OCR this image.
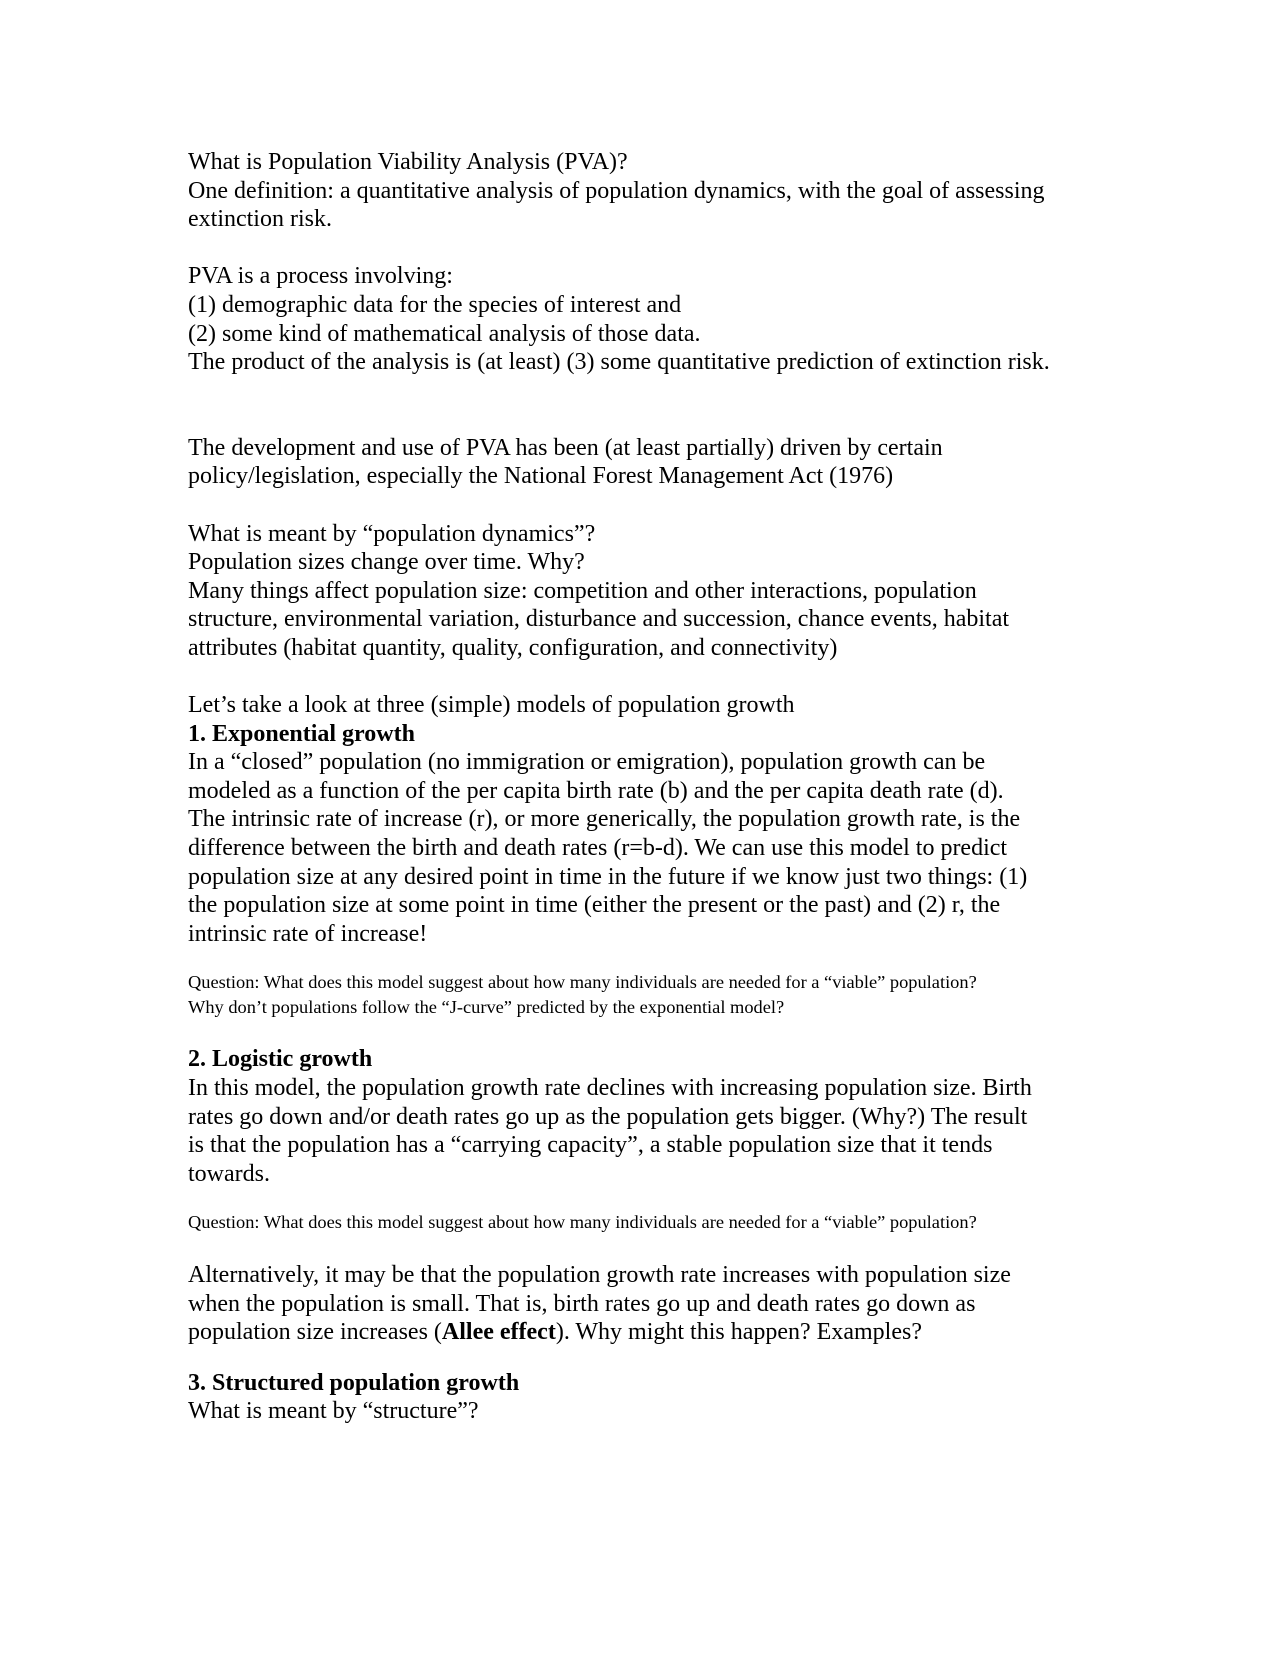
What is Population Viability Analysis (PVA)?

One definition: a quantitative analysis of population dynamics, with the goal of assessing

extinction risk.

PVA is a process involving:

(1) demographic data for the species of interest and

(2) some kind of mathematical analysis of those data.

The product of the analysis is (at least) (3) some quantitative prediction of extinction risk.

The development and use of PVA has been (at least partially) driven by certain

policy/legislation, especially the National Forest Management Act (1976)

What is meant by “population dynamics”?

Population sizes change over time. Why?

Many things affect population size: competition and other interactions, population

structure, environmental variation, disturbance and succession, chance events, habitat

attributes (habitat quantity, quality, configuration, and connectivity)

Let’s take a look at three (simple) models of population growth

1. Exponential growth

In a “closed” population (no immigration or emigration), population growth can be

modeled as a function of the per capita birth rate (b) and the per capita death rate (d).

The intrinsic rate of increase (r), or more generically, the population growth rate, is the

difference between the birth and death rates (r=b-d). We can use this model to predict

population size at any desired point in time in the future if we know just two things: (1)

the population size at some point in time (either the present or the past) and (2) r, the

intrinsic rate of increase!

Question: What does this model suggest about how many individuals are needed for a “viable” population?

Why don’t populations follow the “J-curve” predicted by the exponential model?

2. Logistic growth

In this model, the population growth rate declines with increasing population size. Birth

rates go down and/or death rates go up as the population gets bigger. (Why?) The result

is that the population has a “carrying capacity”, a stable population size that it tends

towards.

Question: What does this model suggest about how many individuals are needed for a “viable” population?

Alternatively, it may be that the population growth rate increases with population size

when the population is small. That is, birth rates go up and death rates go down as

population size increases (Allee effect). Why might this happen? Examples?

3. Structured population growth

What is meant by “structure”?
